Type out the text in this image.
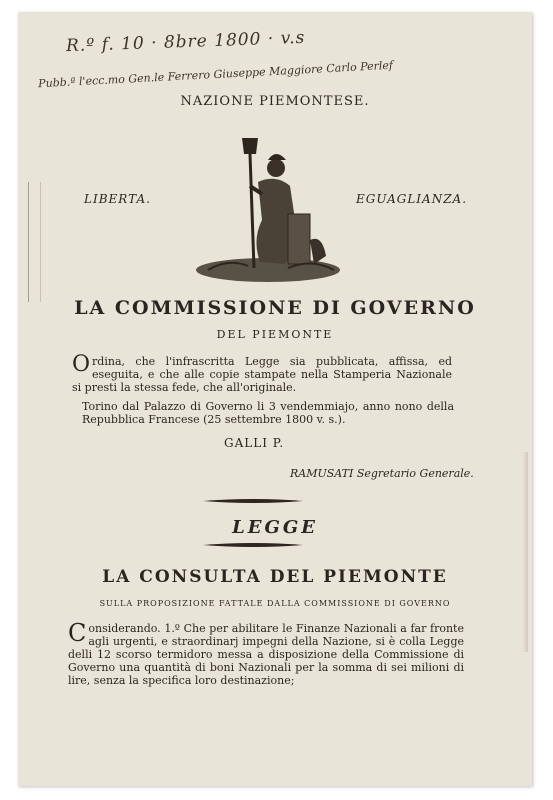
R.º f. 10 · 8bre 1800 · v.s
Pubb.ª l'ecc.mo Gen.le Ferrero Giuseppe Maggiore Carlo Perlef
NAZIONE PIEMONTESE.
LIBERTA.	EGUAGLIANZA.
LA COMMISSIONE DI GOVERNO
DEL PIEMONTE
Ordina, che l'infrascritta Legge sia pubblicata, affissa, ed eseguita, e che alle copie stampate nella Stamperia Nazionale si presti la stessa fede, che all'originale.
Torino dal Palazzo di Governo li 3 vendemmiajo, anno nono della Repubblica Francese (25 settembre 1800 v. s.).
GALLI P.
RAMUSATI Segretario Generale.
LEGGE
LA CONSULTA DEL PIEMONTE
SULLA PROPOSIZIONE FATTALE DALLA COMMISSIONE DI GOVERNO
Considerando. 1.º Che per abilitare le Finanze Nazionali a far fronte agli urgenti, e straordinarj impegni della Nazione, si è colla Legge delli 12 scorso termidoro messa a disposizione della Commissione di Governo una quantità di boni Nazionali per la somma di sei milioni di lire, senza la specifica loro destinazione;
